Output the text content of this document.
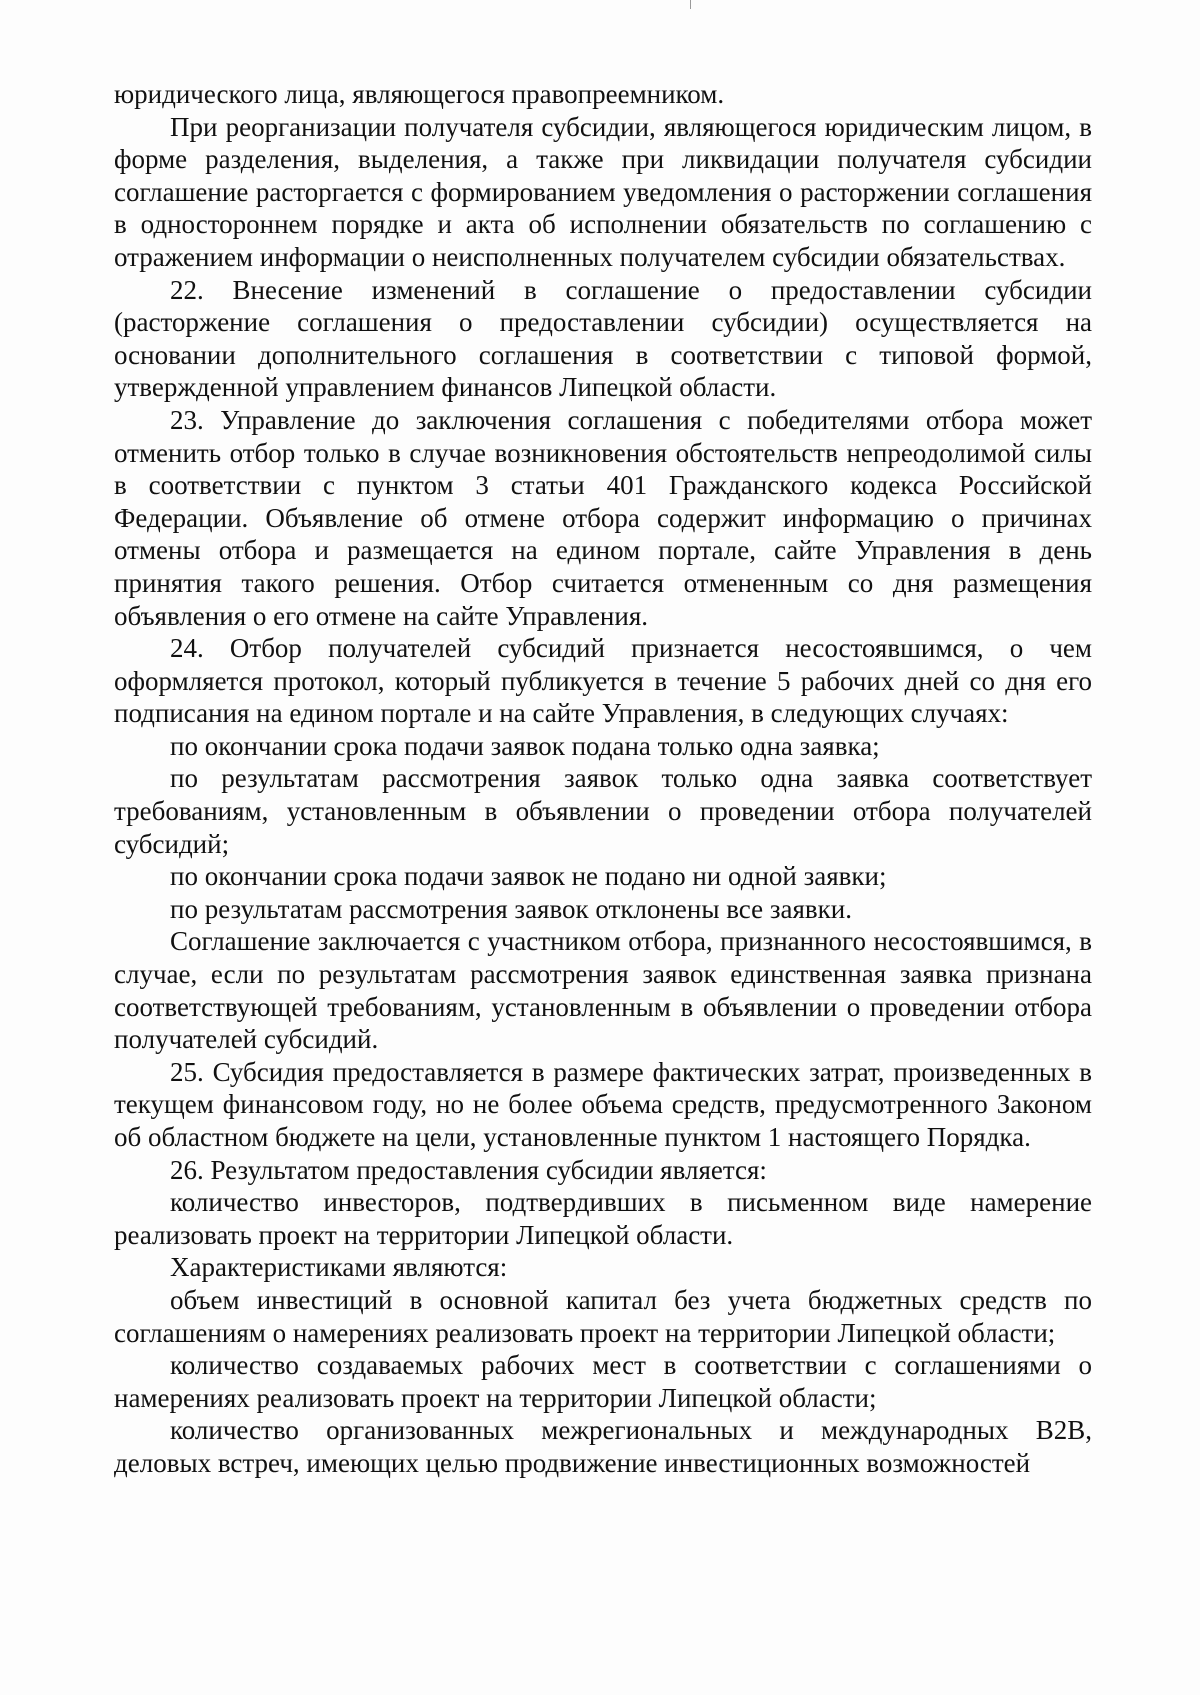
юридического лица, являющегося правопреемником.

При реорганизации получателя субсидии, являющегося юридическим лицом, в форме разделения, выделения, а также при ликвидации получателя субсидии соглашение расторгается с формированием уведомления о расторжении соглашения в одностороннем порядке и акта об исполнении обязательств по соглашению с отражением информации о неисполненных получателем субсидии обязательствах.

22. Внесение изменений в соглашение о предоставлении субсидии (расторжение соглашения о предоставлении субсидии) осуществляется на основании дополнительного соглашения в соответствии с типовой формой, утвержденной управлением финансов Липецкой области.

23. Управление до заключения соглашения с победителями отбора может отменить отбор только в случае возникновения обстоятельств непреодолимой силы в соответствии с пунктом 3 статьи 401 Гражданского кодекса Российской Федерации. Объявление об отмене отбора содержит информацию о причинах отмены отбора и размещается на едином портале, сайте Управления в день принятия такого решения. Отбор считается отмененным со дня размещения объявления о его отмене на сайте Управления.

24. Отбор получателей субсидий признается несостоявшимся, о чем оформляется протокол, который публикуется в течение 5 рабочих дней со дня его подписания на едином портале и на сайте Управления, в следующих случаях:

по окончании срока подачи заявок подана только одна заявка;

по результатам рассмотрения заявок только одна заявка соответствует требованиям, установленным в объявлении о проведении отбора получателей субсидий;

по окончании срока подачи заявок не подано ни одной заявки;

по результатам рассмотрения заявок отклонены все заявки.

Соглашение заключается с участником отбора, признанного несостоявшимся, в случае, если по результатам рассмотрения заявок единственная заявка признана соответствующей требованиям, установленным в объявлении о проведении отбора получателей субсидий.

25. Субсидия предоставляется в размере фактических затрат, произведенных в текущем финансовом году, но не более объема средств, предусмотренного Законом об областном бюджете на цели, установленные пунктом 1 настоящего Порядка.

26. Результатом предоставления субсидии является:

количество инвесторов, подтвердивших в письменном виде намерение реализовать проект на территории Липецкой области.

Характеристиками являются:

объем инвестиций в основной капитал без учета бюджетных средств по соглашениям о намерениях реализовать проект на территории Липецкой области;

количество создаваемых рабочих мест в соответствии с соглашениями о намерениях реализовать проект на территории Липецкой области;

количество организованных межрегиональных и международных B2B, деловых встреч, имеющих целью продвижение инвестиционных возможностей
